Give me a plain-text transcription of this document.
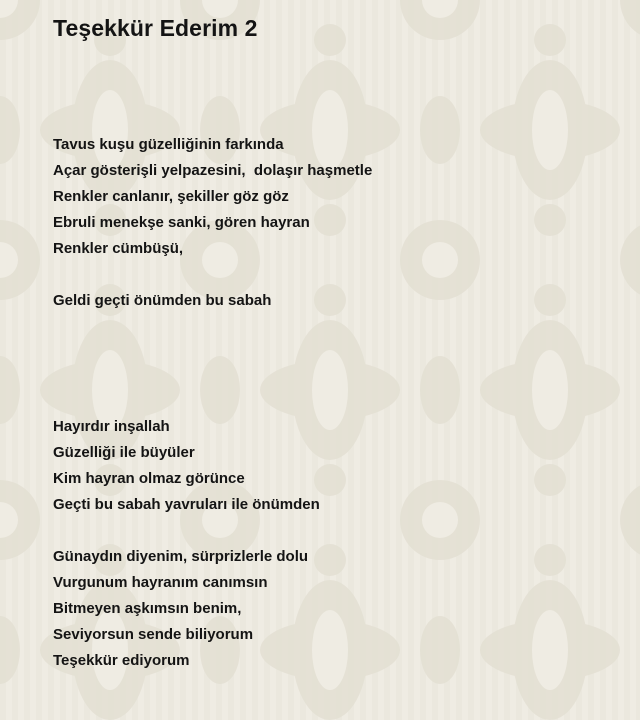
Teşekkür Ederim 2
Tavus kuşu güzelliğinin farkında
Açar gösterişli yelpazesini,  dolaşır haşmetle
Renkler canlanır, şekiller göz göz
Ebruli menekşe sanki, gören hayran
Renkler cümbüşü,
Geldi geçti önümden bu sabah
Hayırdır inşallah
Güzelliği ile büyüler
Kim hayran olmaz görünce
Geçti bu sabah yavruları ile önümden
Günaydın diyenim, sürprizlerle dolu
Vurgunum hayranım canımsın
Bitmeyen aşkımsın benim,
Seviyorsun sende biliyorum
Teşekkür ediyorum
